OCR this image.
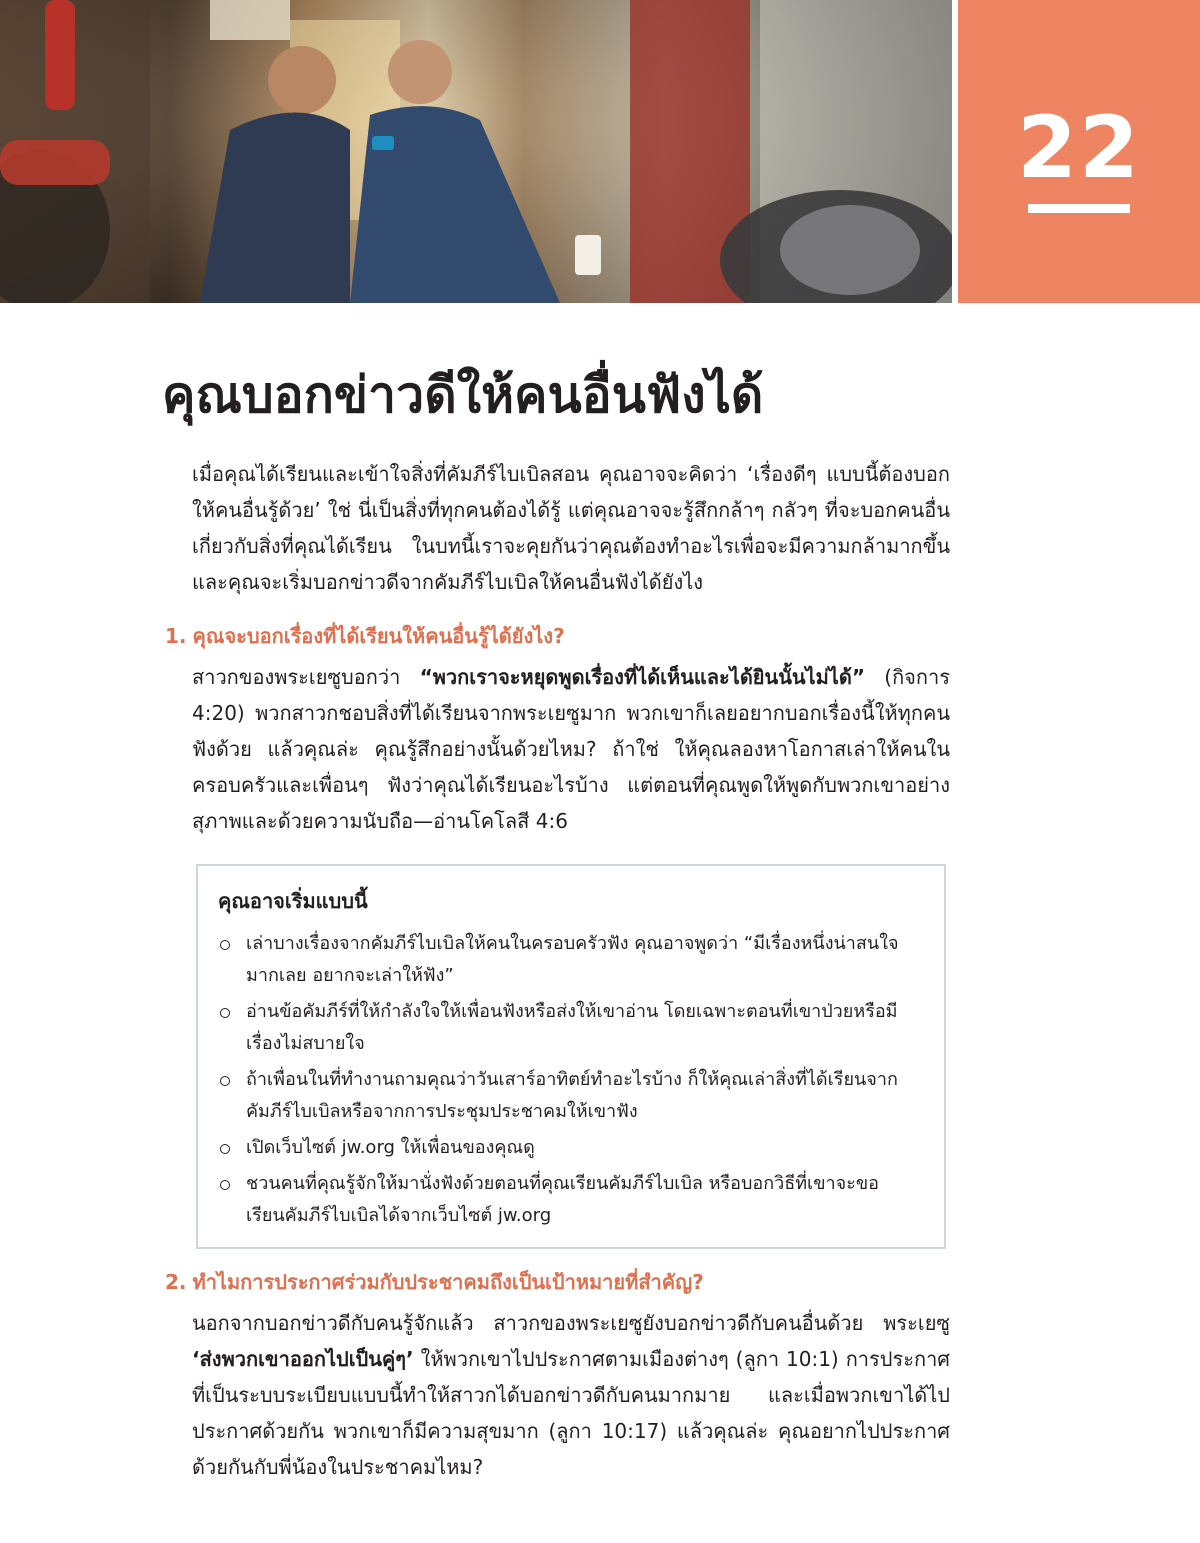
22
คุณบอกข่าวดีให้คนอื่นฟังได้

เมื่อคุณได้เรียนและเข้าใจสิ่งที่คัมภีร์ไบเบิลสอน คุณอาจจะคิดว่า ‘เรื่องดีๆ แบบนี้ต้องบอกให้คนอื่นรู้ด้วย’ ใช่ นี่เป็นสิ่งที่ทุกคนต้องได้รู้ แต่คุณอาจจะรู้สึกกล้าๆ กลัวๆ ที่จะบอกคนอื่นเกี่ยวกับสิ่งที่คุณได้เรียน ในบทนี้เราจะคุยกันว่าคุณต้องทำอะไรเพื่อจะมีความกล้ามากขึ้น และคุณจะเริ่มบอกข่าวดีจากคัมภีร์ไบเบิลให้คนอื่นฟังได้ยังไง

1. คุณจะบอกเรื่องที่ได้เรียนให้คนอื่นรู้ได้ยังไง?

สาวกของพระเยซูบอกว่า “พวกเราจะหยุดพูดเรื่องที่ได้เห็นและได้ยินนั้นไม่ได้” (กิจการ 4:20) พวกสาวกชอบสิ่งที่ได้เรียนจากพระเยซูมาก พวกเขาก็เลยอยากบอกเรื่องนี้ให้ทุกคนฟังด้วย แล้วคุณล่ะ คุณรู้สึกอย่างนั้นด้วยไหม? ถ้าใช่ ให้คุณลองหาโอกาสเล่าให้คนในครอบครัวและเพื่อนๆ ฟังว่าคุณได้เรียนอะไรบ้าง แต่ตอนที่คุณพูดให้พูดกับพวกเขาอย่างสุภาพและด้วยความนับถือ—อ่านโคโลสี 4:6

คุณอาจเริ่มแบบนี้
เล่าบางเรื่องจากคัมภีร์ไบเบิลให้คนในครอบครัวฟัง คุณอาจพูดว่า “มีเรื่องหนึ่งน่าสนใจมากเลย อยากจะเล่าให้ฟัง”
อ่านข้อคัมภีร์ที่ให้กำลังใจให้เพื่อนฟังหรือส่งให้เขาอ่าน โดยเฉพาะตอนที่เขาป่วยหรือมีเรื่องไม่สบายใจ
ถ้าเพื่อนในที่ทำงานถามคุณว่าวันเสาร์อาทิตย์ทำอะไรบ้าง ก็ให้คุณเล่าสิ่งที่ได้เรียนจากคัมภีร์ไบเบิลหรือจากการประชุมประชาคมให้เขาฟัง
เปิดเว็บไซต์ jw.org ให้เพื่อนของคุณดู
ชวนคนที่คุณรู้จักให้มานั่งฟังด้วยตอนที่คุณเรียนคัมภีร์ไบเบิล หรือบอกวิธีที่เขาจะขอเรียนคัมภีร์ไบเบิลได้จากเว็บไซต์ jw.org

2. ทำไมการประกาศร่วมกับประชาคมถึงเป็นเป้าหมายที่สำคัญ?

นอกจากบอกข่าวดีกับคนรู้จักแล้ว สาวกของพระเยซูยังบอกข่าวดีกับคนอื่นด้วย พระเยซู ‘ส่งพวกเขาออกไปเป็นคู่ๆ’ ให้พวกเขาไปประกาศตามเมืองต่างๆ (ลูกา 10:1) การประกาศที่เป็นระบบระเบียบแบบนี้ทำให้สาวกได้บอกข่าวดีกับคนมากมาย และเมื่อพวกเขาได้ไปประกาศด้วยกัน พวกเขาก็มีความสุขมาก (ลูกา 10:17) แล้วคุณล่ะ คุณอยากไปประกาศด้วยกันกับพี่น้องในประชาคมไหม?
